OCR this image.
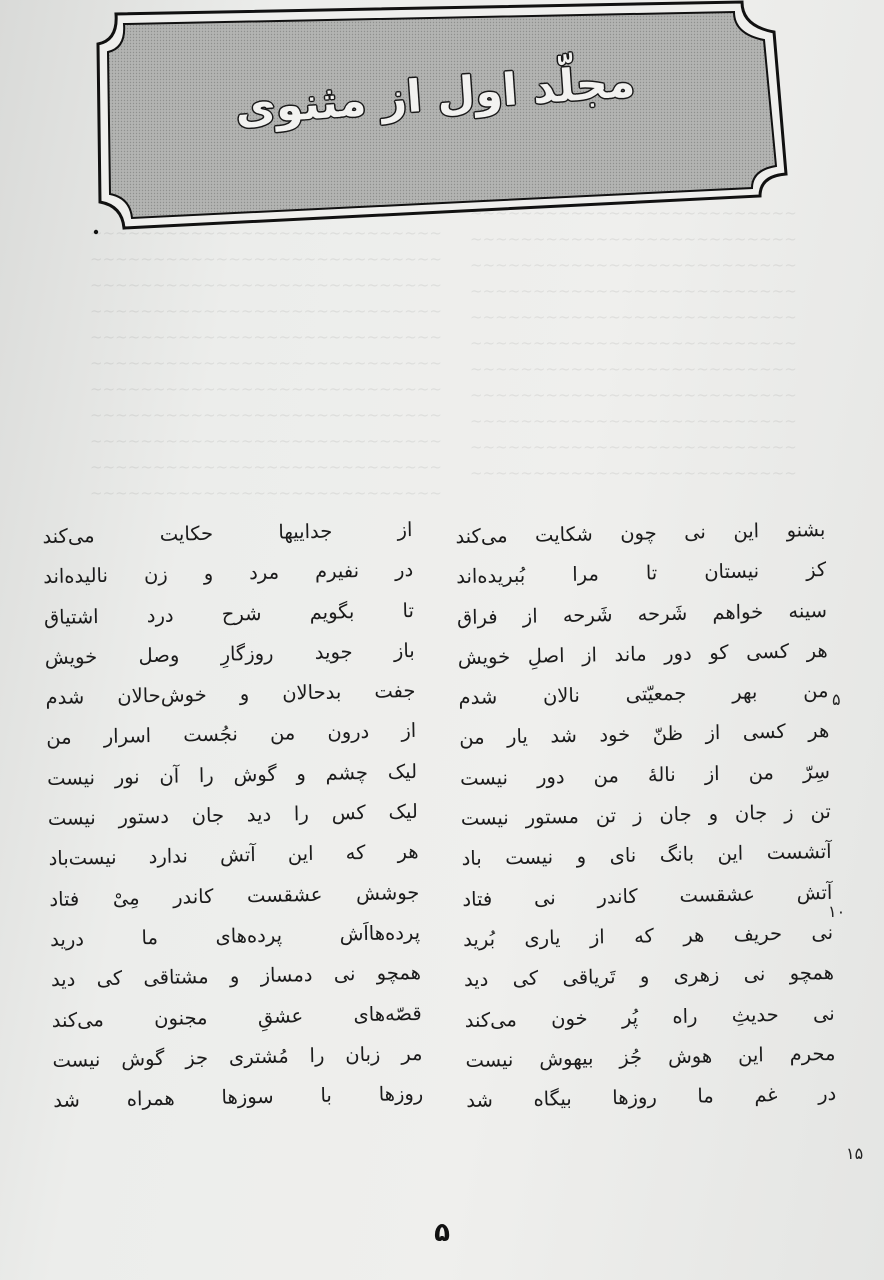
~~~~~~~~~~~~~~~~~~~~~~~~~~
~~~~~~~~~~~~~~~~~~~~~~~~~~
~~~~~~~~~~~~~~~~~~~~~~~~~~
~~~~~~~~~~~~~~~~~~~~~~~~~~
~~~~~~~~~~~~~~~~~~~~~~~~~~
~~~~~~~~~~~~~~~~~~~~~~~~~~
~~~~~~~~~~~~~~~~~~~~~~~~~~
~~~~~~~~~~~~~~~~~~~~~~~~~~
~~~~~~~~~~~~~~~~~~~~~~~~~~
~~~~~~~~~~~~~~~~~~~~~~~~~~
~~~~~~~~~~~~~~~~~~~~~~~~~~
~~~~~~~~~~~~~~~~~~~~~~~~~~~~
~~~~~~~~~~~~~~~~~~~~~~~~~~~~
~~~~~~~~~~~~~~~~~~~~~~~~~~~~
~~~~~~~~~~~~~~~~~~~~~~~~~~~~
~~~~~~~~~~~~~~~~~~~~~~~~~~~~
~~~~~~~~~~~~~~~~~~~~~~~~~~~~
~~~~~~~~~~~~~~~~~~~~~~~~~~~~
~~~~~~~~~~~~~~~~~~~~~~~~~~~~
~~~~~~~~~~~~~~~~~~~~~~~~~~~~
~~~~~~~~~~~~~~~~~~~~~~~~~~~~
~~~~~~~~~~~~~~~~~~~~~~~~~~~~
مجلّد اول از مثنوی
بشنو این نی چون شکایت می‌کند
کز نیستان تا مرا بُبریده‌اند
سینه خواهم شَرحه شَرحه از فراق
هر کسی کو دور ماند از اصلِ خویش
من بهر جمعیّتی نالان شدم
هر کسی از ظنّ خود شد یار من
سِرّ من از نالهٔ من دور نیست
تن ز جان و جان ز تن مستور نیست
آتشست این بانگ نای و نیست باد
آتش عشقست کاندر نی فتاد
نی حریف هر که از یاری بُرید
همچو نی زهری و تَریاقی کی دید
نی حدیثِ راه پُر خون می‌کند
محرم این هوش جُز بیهوش نیست
در غم ما روزها بیگاه شد
از جداییها حکایت می‌کند
در نفیرم مرد و زن نالیده‌اند
تا بگویم شرح درد اشتیاق
باز جوید روزگارِ وصل خویش
جفت بدحالان و خوش‌حالان شدم
از درون من نجُست اسرار من
لیک چشم و گوش را آن نور نیست
لیک کس را دید جان دستور نیست
هر که این آتش ندارد نیست‌باد
جوشش عشقست کاندر مِیْ فتاد
پرده‌هااَش پرده‌های ما درید
همچو نی دمساز و مشتاقی کی دید
قصّه‌های عشقِ مجنون می‌کند
مر زبان را مُشتری جز گوش نیست
روزها با سوزها همراه شد
۵
۱۰
۱۵
۵
